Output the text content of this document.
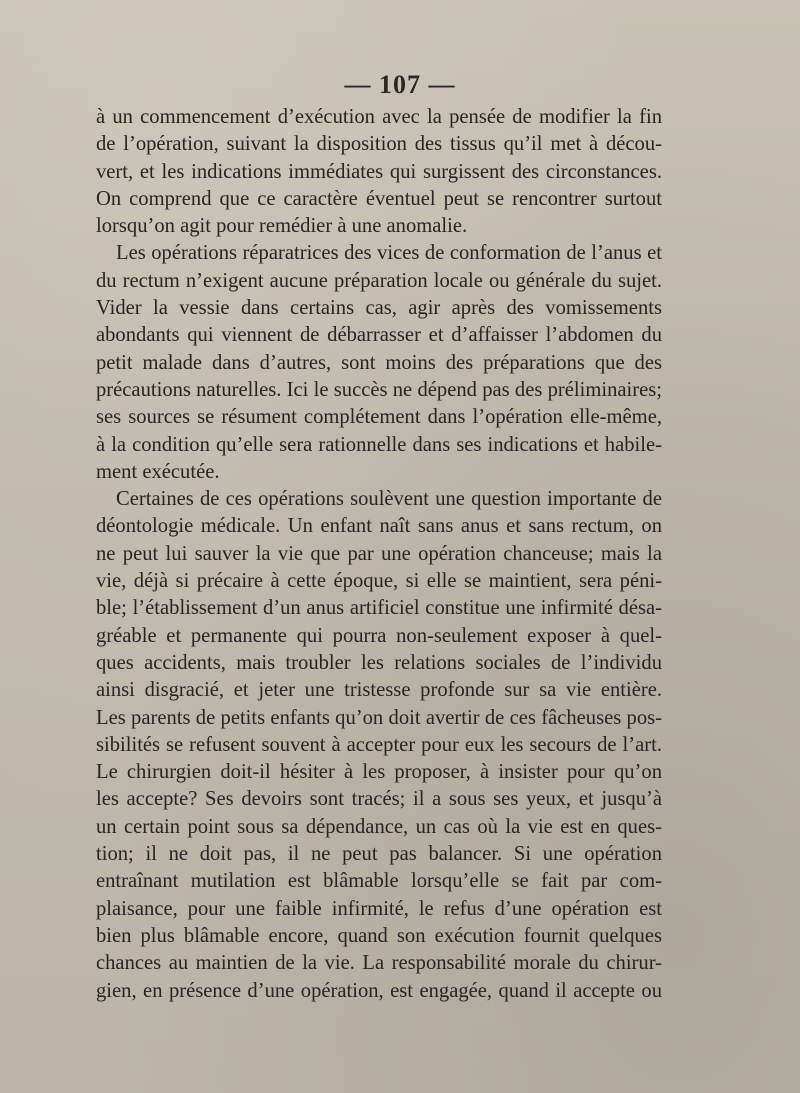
— 107 —
à un commencement d’exécution avec la pensée de modifier la fin
de l’opération, suivant la disposition des tissus qu’il met à décou-
vert, et les indications immédiates qui surgissent des circonstances.
On comprend que ce caractère éventuel peut se rencontrer surtout
lorsqu’on agit pour remédier à une anomalie.
Les opérations réparatrices des vices de conformation de l’anus et
du rectum n’exigent aucune préparation locale ou générale du sujet.
Vider la vessie dans certains cas, agir après des vomissements
abondants qui viennent de débarrasser et d’affaisser l’abdomen du
petit malade dans d’autres, sont moins des préparations que des
précautions naturelles. Ici le succès ne dépend pas des préliminaires;
ses sources se résument complétement dans l’opération elle-même,
à la condition qu’elle sera rationnelle dans ses indications et habile-
ment exécutée.
Certaines de ces opérations soulèvent une question importante de
déontologie médicale. Un enfant naît sans anus et sans rectum, on
ne peut lui sauver la vie que par une opération chanceuse; mais la
vie, déjà si précaire à cette époque, si elle se maintient, sera péni-
ble; l’établissement d’un anus artificiel constitue une infirmité désa-
gréable et permanente qui pourra non-seulement exposer à quel-
ques accidents, mais troubler les relations sociales de l’individu
ainsi disgracié, et jeter une tristesse profonde sur sa vie entière.
Les parents de petits enfants qu’on doit avertir de ces fâcheuses pos-
sibilités se refusent souvent à accepter pour eux les secours de l’art.
Le chirurgien doit-il hésiter à les proposer, à insister pour qu’on
les accepte? Ses devoirs sont tracés; il a sous ses yeux, et jusqu’à
un certain point sous sa dépendance, un cas où la vie est en ques-
tion; il ne doit pas, il ne peut pas balancer. Si une opération
entraînant mutilation est blâmable lorsqu’elle se fait par com-
plaisance, pour une faible infirmité, le refus d’une opération est
bien plus blâmable encore, quand son exécution fournit quelques
chances au maintien de la vie. La responsabilité morale du chirur-
gien, en présence d’une opération, est engagée, quand il accepte ou
